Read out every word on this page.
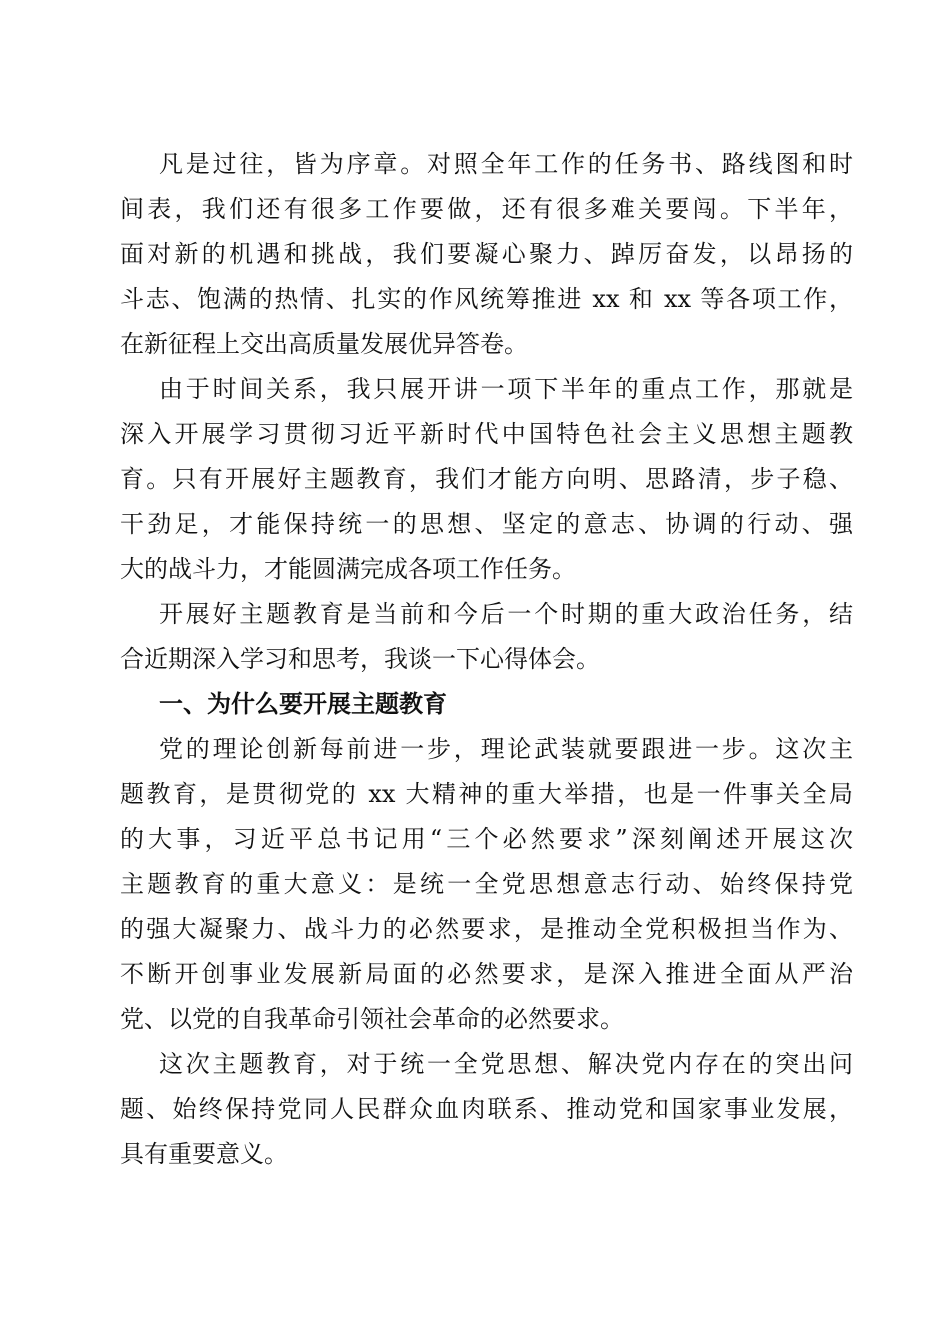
凡是过往，皆为序章。对照全年工作的任务书、路线图和时
间表，我们还有很多工作要做，还有很多难关要闯。下半年，
面对新的机遇和挑战，我们要凝心聚力、踔厉奋发，以昂扬的
斗志、饱满的热情、扎实的作风统筹推进 xx 和 xx 等各项工作，
在新征程上交出高质量发展优异答卷。
由于时间关系，我只展开讲一项下半年的重点工作，那就是
深入开展学习贯彻习近平新时代中国特色社会主义思想主题教
育。只有开展好主题教育，我们才能方向明、思路清，步子稳、
干劲足，才能保持统一的思想、坚定的意志、协调的行动、强
大的战斗力，才能圆满完成各项工作任务。
开展好主题教育是当前和今后一个时期的重大政治任务，结
合近期深入学习和思考，我谈一下心得体会。
一、为什么要开展主题教育
党的理论创新每前进一步，理论武装就要跟进一步。这次主
题教育，是贯彻党的 xx 大精神的重大举措，也是一件事关全局
的大事，习近平总书记用“三个必然要求”深刻阐述开展这次
主题教育的重大意义：是统一全党思想意志行动、始终保持党
的强大凝聚力、战斗力的必然要求，是推动全党积极担当作为、
不断开创事业发展新局面的必然要求，是深入推进全面从严治
党、以党的自我革命引领社会革命的必然要求。
这次主题教育，对于统一全党思想、解决党内存在的突出问
题、始终保持党同人民群众血肉联系、推动党和国家事业发展，
具有重要意义。
